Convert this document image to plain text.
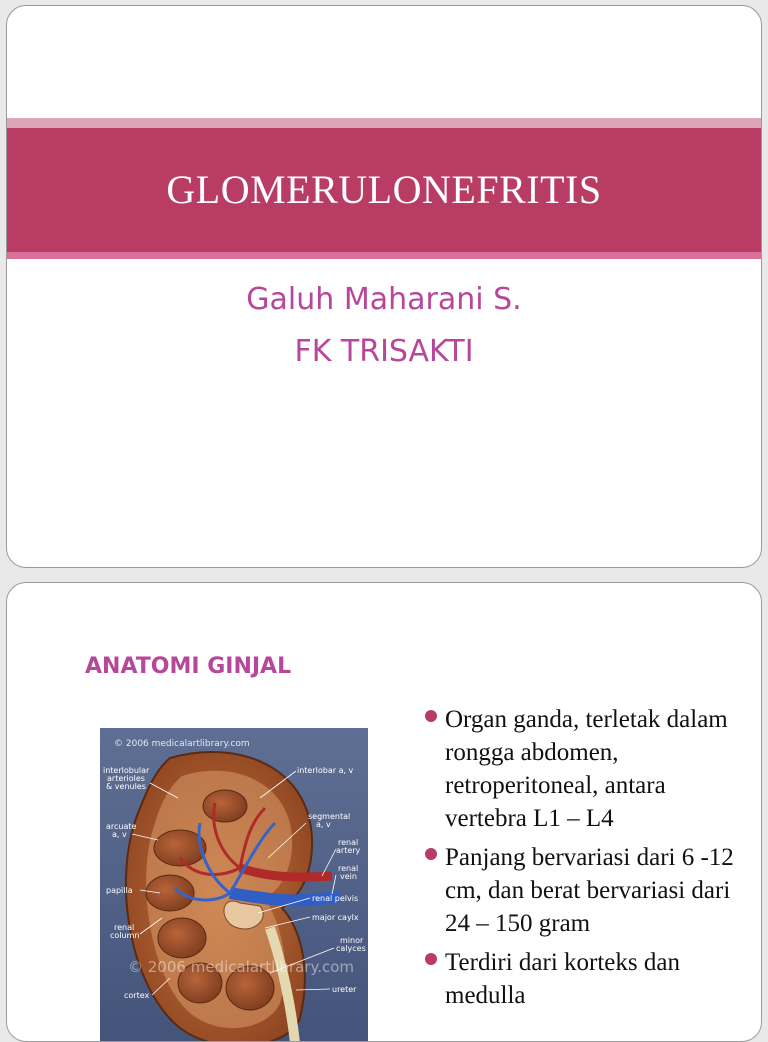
GLOMERULONEFRITIS
Galuh Maharani S.
FK TRISAKTI
ANATOMI GINJAL
© 2006 medicalartlibrary.com
© 2006 medicalartlibrary.com
interlobular
arterioles
& venules
interlobar a, v
arcuate
a, v
segmental
a, v
renal
artery
renal
vein
papilla
renal pelvis
major caylx
renal
column
minor
calyces
ureter
cortex
Organ ganda, terletak dalam rongga abdomen, retroperitoneal, antara vertebra L1 – L4
Panjang bervariasi dari 6 -12 cm, dan berat bervariasi dari 24 – 150 gram
Terdiri dari korteks dan medulla
